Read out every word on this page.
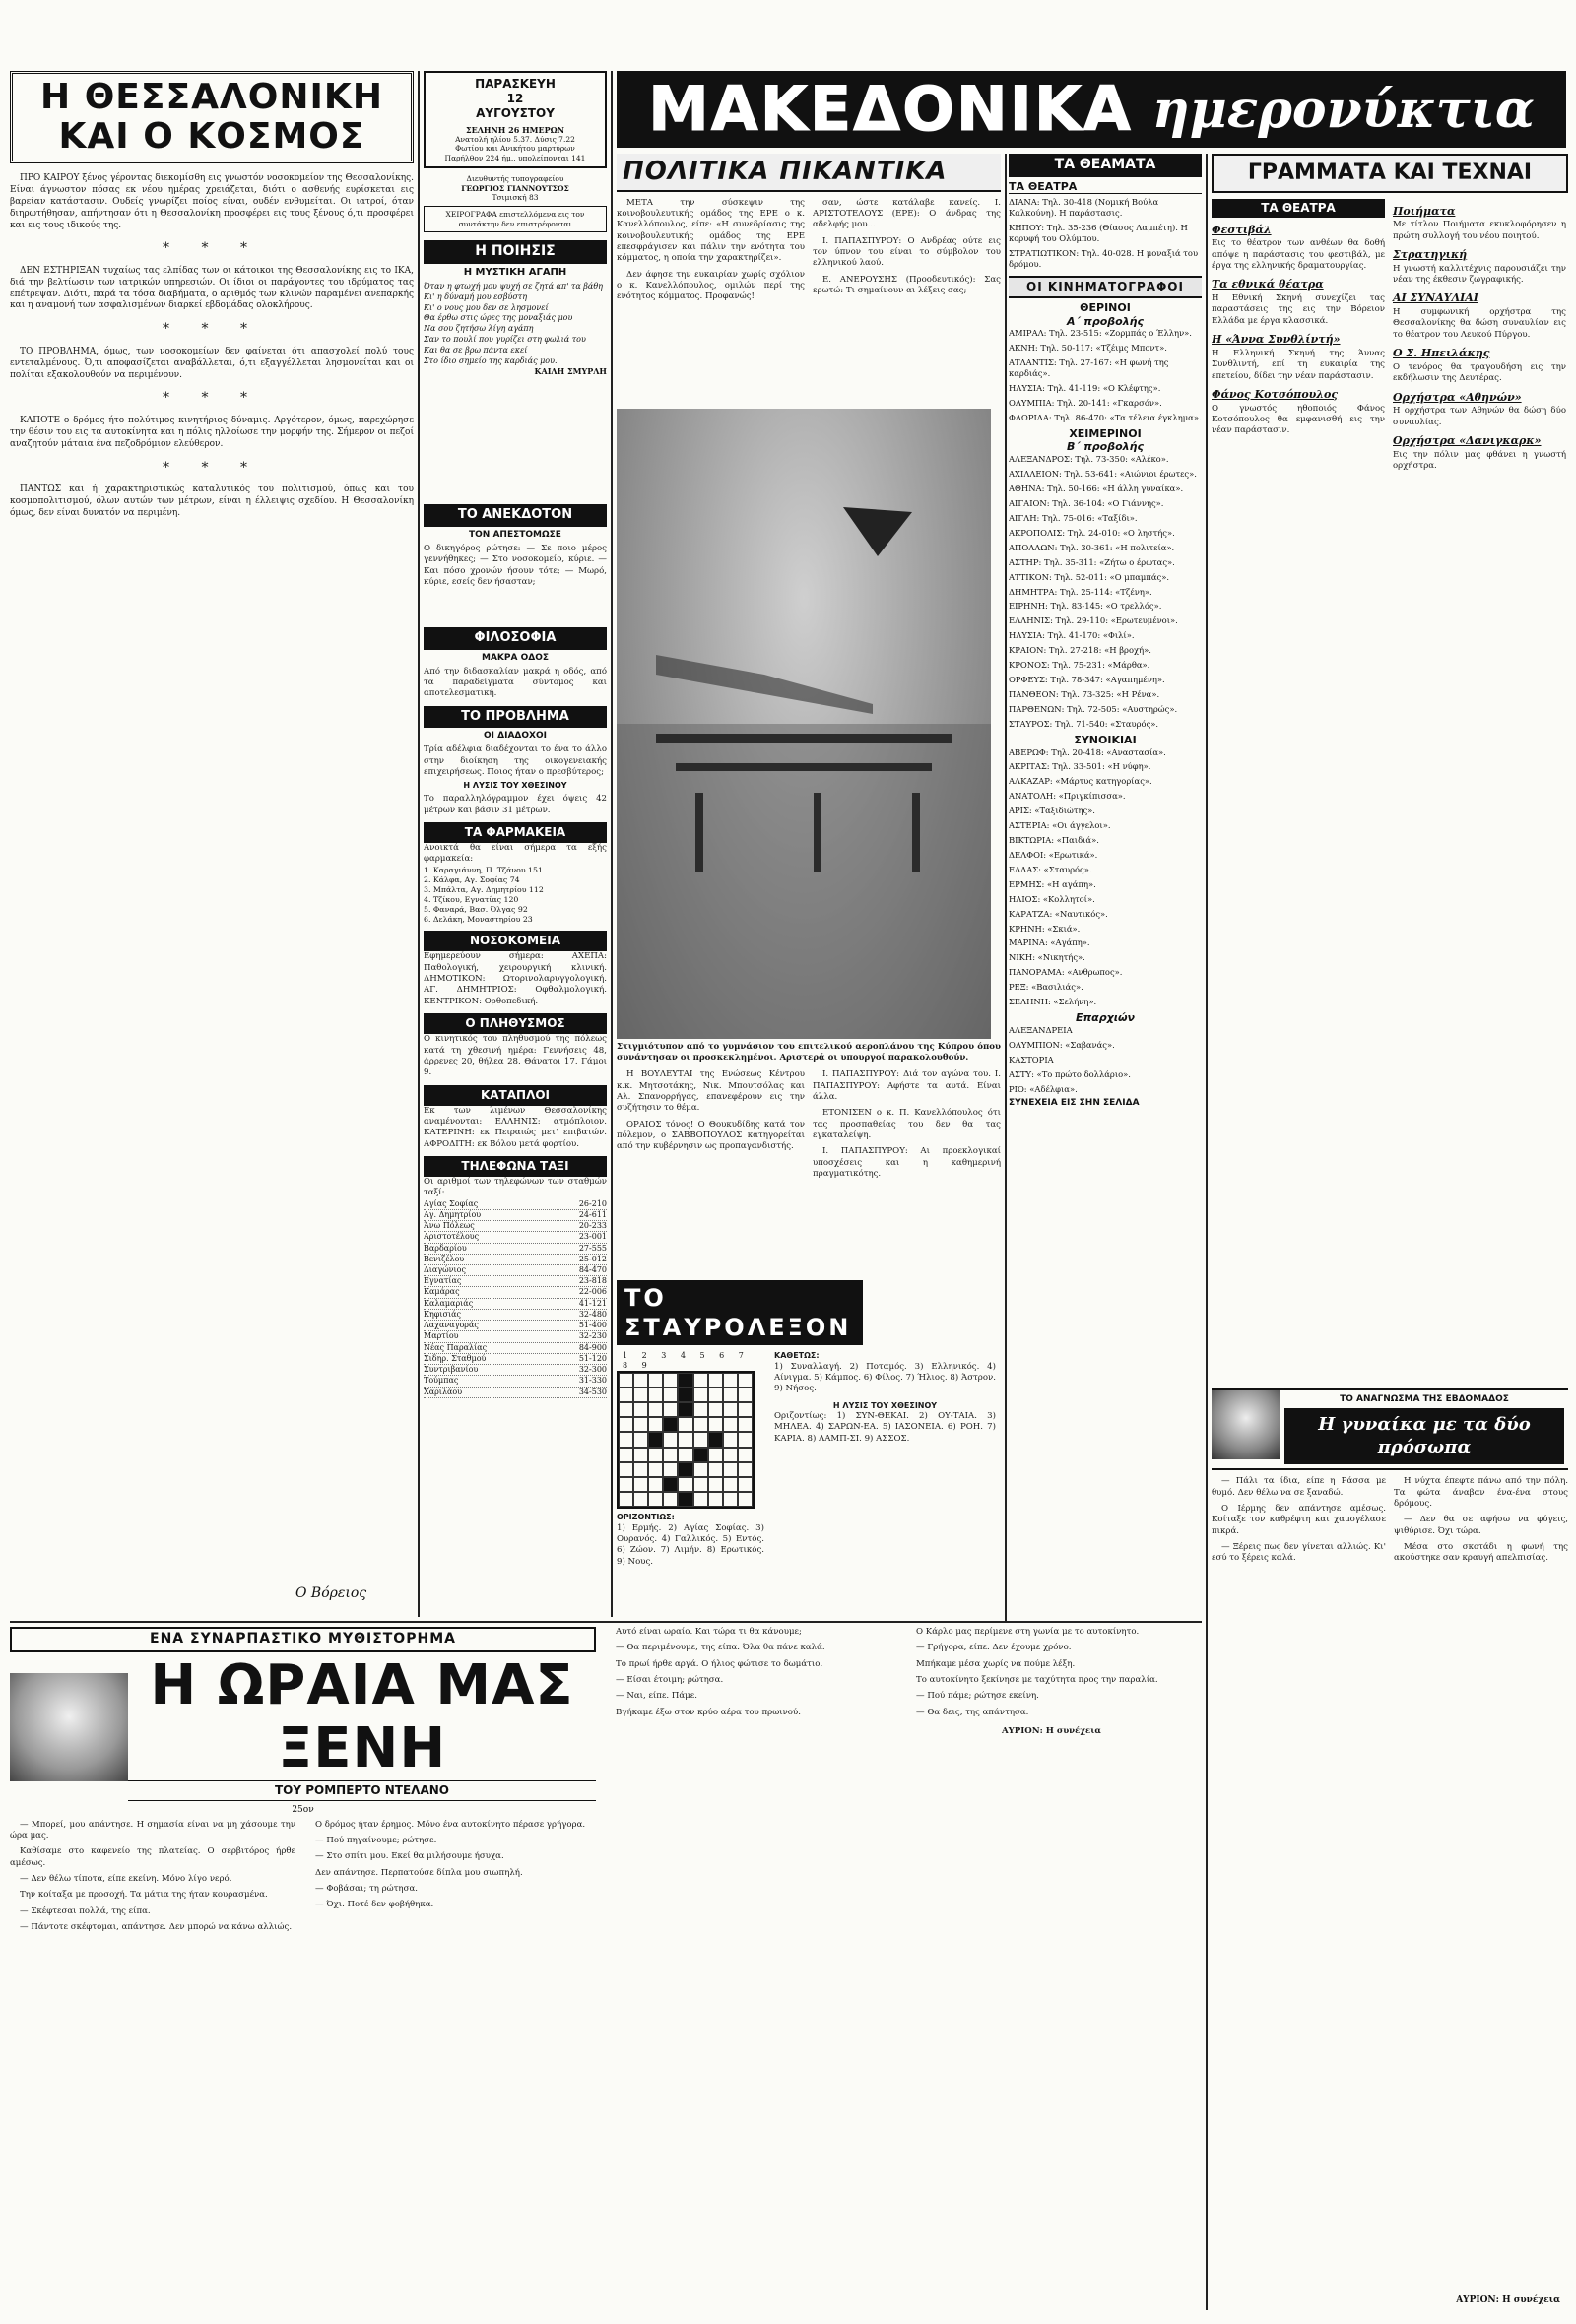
Η ΘΕΣΣΑΛΟΝΙΚΗ
ΚΑΙ Ο ΚΟΣΜΟΣ

ΠΡΟ ΚΑΙΡΟΥ ξένος γέροντας διεκομίσθη εις γνωστόν νοσοκομείον της Θεσσαλονίκης. Είναι άγνωστον πόσας εκ νέου ημέρας χρειάζεται, διότι ο ασθενής ευρίσκεται εις βαρείαν κατάστασιν. Ουδείς γνωρίζει ποίος είναι, ουδέν ενθυμείται. Οι ιατροί, όταν διηρωτήθησαν, απήντησαν ότι η Θεσσαλονίκη προσφέρει εις τους ξένους ό,τι προσφέρει και εις τους ιδικούς της.

* * *

ΔΕΝ ΕΣΤΗΡΙΞΑΝ τυχαίως τας ελπίδας των οι κάτοικοι της Θεσσαλονίκης εις το ΙΚΑ, διά την βελτίωσιν των ιατρικών υπηρεσιών. Οι ίδιοι οι παράγοντες του ιδρύματος τας επέτρεψαν. Διότι, παρά τα τόσα διαβήματα, ο αριθμός των κλινών παραμένει ανεπαρκής και η αναμονή των ασφαλισμένων διαρκεί εβδομάδας ολοκλήρους.

* * *

ΤΟ ΠΡΟΒΛΗΜΑ, όμως, των νοσοκομείων δεν φαίνεται ότι απασχολεί πολύ τους εντεταλμένους. Ό,τι αποφασίζεται αναβάλλεται, ό,τι εξαγγέλλεται λησμονείται και οι πολίται εξακολουθούν να περιμένουν.

* * *

ΚΑΠΟΤΕ ο δρόμος ήτο πολύτιμος κινητήριος δύναμις. Αργότερον, όμως, παρεχώρησε την θέσιν του εις τα αυτοκίνητα και η πόλις ηλλοίωσε την μορφήν της. Σήμερον οι πεζοί αναζητούν μάταια ένα πεζοδρόμιον ελεύθερον.

* * *

ΠΑΝΤΩΣ και ή χαρακτηριστικώς καταλυτικός του πολιτισμού, όπως και του κοσμοπολιτισμού, όλων αυτών των μέτρων, είναι η έλλειψις σχεδίου. Η Θεσσαλονίκη όμως, δεν είναι δυνατόν να περιμένη.

Ο Βόρειος
ΠΑΡΑΣΚΕΥΗ
12
ΑΥΓΟΥΣΤΟΥ
ΣΕΛΗΝΗ 26 ΗΜΕΡΩΝ
Ανατολή ηλίου 5.37. Δύσις 7.22
Φωτίου και Ανικήτου μαρτύρων
Παρήλθον 224 ήμ., υπολείπονται 141
Διευθυντής τυπογραφείου
ΓΕΩΡΓΙΟΣ ΓΙΑΝΝΟΥΤΣΟΣ
Τσιμισκή 83
ΧΕΙΡΟΓΡΑΦΑ επιστελλόμενα εις τον συντάκτην δεν επιστρέφονται
Η ΠΟΙΗΣΙΣ
Η ΜΥΣΤΙΚΗ ΑΓΑΠΗ
Όταν η φτωχή μου ψυχή σε ζητά απ' τα βάθη
Κι' η δύναμή μου εσβύστη
Κι' ο νους μου δεν σε λησμονεί
Θα έρθω στις ώρες της μοναξιάς μου
Να σου ζητήσω λίγη αγάπη
Σαν το πουλί που γυρίζει στη φωλιά του
Και θα σε βρω πάντα εκεί
Στο ίδιο σημείο της καρδιάς μου.
ΚΑΙΛΗ ΣΜΥΡΛΗ
ΤΟ ΑΝΕΚΔΟΤΟΝ
ΤΟΝ ΑΠΕΣΤΟΜΩΣΕ
Ο δικηγόρος ρώτησε: — Σε ποιο μέρος γεννήθηκες; — Στο νοσοκομείο, κύριε. — Και πόσο χρονών ήσουν τότε; — Μωρό, κύριε, εσείς δεν ήσασταν;
ΦΙΛΟΣΟΦΙΑ
ΜΑΚΡΑ ΟΔΟΣ
Από την διδασκαλίαν μακρά η οδός, από τα παραδείγματα σύντομος και αποτελεσματική.
ΤΟ ΠΡΟΒΛΗΜΑ
ΟΙ ΔΙΑΔΟΧΟΙ
Τρία αδέλφια διαδέχονται το ένα το άλλο στην διοίκηση της οικογενειακής επιχειρήσεως. Ποιος ήταν ο πρεσβύτερος;
Η ΛΥΣΙΣ ΤΟΥ ΧΘΕΣΙΝΟΥ
Το παραλληλόγραμμον έχει όψεις 42 μέτρων και βάσιν 31 μέτρων.
ΤΑ ΦΑΡΜΑΚΕΙΑ
Ανοικτά θα είναι σήμερα τα εξής φαρμακεία:
1. Καραγιάννη, Π. Τζάνου 151
2. Κάλφα, Αγ. Σοφίας 74
3. Μπάλτα, Αγ. Δημητρίου 112
4. Τζίκου, Εγνατίας 120
5. Φαναρά, Βασ. Όλγας 92
6. Δελάκη, Μοναστηρίου 23
ΝΟΣΟΚΟΜΕΙΑ
Εφημερεύουν σήμερα: ΑΧΕΠΑ: Παθολογική, χειρουργική κλινική. ΔΗΜΟΤΙΚΟΝ: Ωτορινολαρυγγολογική. ΑΓ. ΔΗΜΗΤΡΙΟΣ: Οφθαλμολογική. ΚΕΝΤΡΙΚΟΝ: Ορθοπεδική.
Ο ΠΛΗΘΥΣΜΟΣ
Ο κινητικός του πληθυσμού της πόλεως κατά τη χθεσινή ημέρα: Γεννήσεις 48, άρρενες 20, θήλεα 28. Θάνατοι 17. Γάμοι 9.
ΚΑΤΑΠΛΟΙ
Εκ των λιμένων Θεσσαλονίκης αναμένονται: ΕΛΛΗΝΙΣ: ατμόπλοιον. ΚΑΤΕΡΙΝΗ: εκ Πειραιώς μετ' επιβατών. ΑΦΡΟΔΙΤΗ: εκ Βόλου μετά φορτίου.
ΤΗΛΕΦΩΝΑ ΤΑΞΙ
Οι αριθμοί των τηλεφώνων των σταθμών ταξί:
Αγίας Σοφίας	26-210
Αγ. Δημητρίου	24-611
Άνω Πόλεως	20-233
Αριστοτέλους	23-001
Βαρδαρίου	27-555
Βενιζέλου	25-012
Διαγώνιος	84-470
Εγνατίας	23-818
Καμάρας	22-006
Καλαμαριάς	41-121
Κηφισιάς	32-480
Λαχαναγοράς	51-400
Μαρτίου	32-230
Νέας Παραλίας	84-900
Σιδηρ. Σταθμού	51-120
Συντριβανίου	32-300
Τούμπας	31-330
Χαριλάου	34-530
ΜΑΚΕΔΟΝΙΚΑ ημερονύκτια
ΠΟΛΙΤΙΚΑ ΠΙΚΑΝΤΙΚΑ

ΜΕΤΑ την σύσκεψιν της κοινοβουλευτικής ομάδος της ΕΡΕ ο κ. Κανελλόπουλος, είπε: «Η συνεδρίασις της κοινοβουλευτικής ομάδος της ΕΡΕ επεσφράγισεν και πάλιν την ενότητα του κόμματος, η οποία την χαρακτηρίζει».

Δεν άφησε την ευκαιρίαν χωρίς σχόλιον ο κ. Κανελλόπουλος, ομιλών περί της ενότητος κόμματος. Προφανώς!

σαν, ώστε κατάλαβε κανείς. Ι. ΑΡΙΣΤΟΤΕΛΟΥΣ (ΕΡΕ): Ο άνδρας της αδελφής μου...

Ι. ΠΑΠΑΣΠΥΡΟΥ: Ο Ανδρέας ούτε εις τον ύπνον του είναι το σύμβολον του ελληνικού λαού.

Ε. ΑΝΕΡΟΥΣΗΣ (Προοδευτικός): Σας ερωτώ: Τι σημαίνουν αι λέξεις σας;

Στιγμιότυπον από το γυμνάσιον του επιτελικού αεροπλάνου της Κύπρου όπου συνάντησαν οι προσκεκλημένοι. Αριστερά οι υπουργοί παρακολουθούν.

Η ΒΟΥΛΕΥΤΑΙ της Ενώσεως Κέντρου κ.κ. Μητσοτάκης, Νικ. Μπουτσόλας και Αλ. Σπανορρήγας, επανεφέρουν εις την συζήτησιν το θέμα.

ΟΡΑΙΟΣ τόνος! Ο Θουκυδίδης κατά τον πόλεμον, ο ΣΑΒΒΟΠΟΥΛΟΣ κατηγορείται από την κυβέρνησιν ως προπαγανδιστής.

Ι. ΠΑΠΑΣΠΥΡΟΥ: Διά τον αγώνα του. Ι. ΠΑΠΑΣΠΥΡΟΥ: Αφήστε τα αυτά. Είναι άλλα.

ΕΤΟΝΙΣΕΝ ο κ. Π. Κανελλόπουλος ότι τας προσπαθείας του δεν θα τας εγκαταλείψη.

Ι. ΠΑΠΑΣΠΥΡΟΥ: Αι προεκλογικαί υποσχέσεις και η καθημερινή πραγματικότης.

ΤΟ ΣΤΑΥΡΟΛΕΞΟΝ
1 2 3 4 5 6 7 8 9
ΟΡΙΖΟΝΤΙΩΣ:
1) Ερμής. 2) Αγίας Σοφίας. 3) Ουρανός. 4) Γαλλικός. 5) Εντός. 6) Ζώον. 7) Λιμήν. 8) Ερωτικός. 9) Νους.
ΚΑΘΕΤΩΣ:
1) Συναλλαγή. 2) Ποταμός. 3) Ελληνικός. 4) Αίνιγμα. 5) Κάμπος. 6) Φίλος. 7) Ήλιος. 8) Άστρον. 9) Νήσος.
Η ΛΥΣΙΣ ΤΟΥ ΧΘΕΣΙΝΟΥ
Οριζοντίως: 1) ΣΥΝ-ΘΕΚΑΙ. 2) ΟΥ-ΤΑΙΑ. 3) ΜΗΛΕΑ. 4) ΣΑΡΩΝ-ΕΑ. 5) ΙΑΣΟΝΕΙΑ. 6) ΡΟΗ. 7) ΚΑΡΙΑ. 8) ΛΑΜΠ-ΣΙ. 9) ΑΣΣΟΣ.
ΤΑ ΘΕΑΜΑΤΑ
ΤΑ ΘΕΑΤΡΑ
ΔΙΑΝΑ: Τηλ. 30-418 (Νομική Βούλα Καλκούνη). Η παράστασις.
ΚΗΠΟΥ: Τηλ. 35-236 (Θίασος Λαμπέτη). Η κορυφή του Ολύμπου.
ΣΤΡΑΤΙΩΤΙΚΟΝ: Τηλ. 40-028. Η μοναξιά του δρόμου.
ΟΙ ΚΙΝΗΜΑΤΟΓΡΑΦΟΙ
ΘΕΡΙΝΟΙ
Α΄ προβολής
ΑΜΙΡΑΛ: Τηλ. 23-515: «Ζορμπάς ο Έλλην».
ΑΚΝΗ: Τηλ. 50-117: «Τζέιμς Μποντ».
ΑΤΛΑΝΤΙΣ: Τηλ. 27-167: «Η φωνή της καρδιάς».
ΗΛΥΣΙΑ: Τηλ. 41-119: «Ο Κλέφτης».
ΟΛΥΜΠΙΑ: Τηλ. 20-141: «Γκαρσόν».
ΦΛΩΡΙΔΑ: Τηλ. 86-470: «Τα τέλεια έγκλημα».
ΧΕΙΜΕΡΙΝΟΙ
Β΄ προβολής
ΑΛΕΞΑΝΔΡΟΣ: Τηλ. 73-350: «Αλέκο».
ΑΧΙΛΛΕΙΟΝ: Τηλ. 53-641: «Αιώνιοι έρωτες».
ΑΘΗΝΑ: Τηλ. 50-166: «Η άλλη γυναίκα».
ΑΙΓΑΙΟΝ: Τηλ. 36-104: «Ο Γιάννης».
ΑΙΓΛΗ: Τηλ. 75-016: «Ταξίδι».
ΑΚΡΟΠΟΛΙΣ: Τηλ. 24-010: «Ο ληστής».
ΑΠΟΛΛΩΝ: Τηλ. 30-361: «Η πολιτεία».
ΑΣΤΗΡ: Τηλ. 35-311: «Ζήτω ο έρωτας».
ΑΤΤΙΚΟΝ: Τηλ. 52-011: «Ο μπαμπάς».
ΔΗΜΗΤΡΑ: Τηλ. 25-114: «Τζένη».
ΕΙΡΗΝΗ: Τηλ. 83-145: «Ο τρελλός».
ΕΛΛΗΝΙΣ: Τηλ. 29-110: «Ερωτευμένοι».
ΗΛΥΣΙΑ: Τηλ. 41-170: «Φιλί».
ΚΡΑΙΟΝ: Τηλ. 27-218: «Η βροχή».
ΚΡΟΝΟΣ: Τηλ. 75-231: «Μάρθα».
ΟΡΦΕΥΣ: Τηλ. 78-347: «Αγαπημένη».
ΠΑΝΘΕΟΝ: Τηλ. 73-325: «Η Ρένα».
ΠΑΡΘΕΝΩΝ: Τηλ. 72-505: «Αυστηρώς».
ΣΤΑΥΡΟΣ: Τηλ. 71-540: «Σταυρός».
ΣΥΝΟΙΚΙΑΙ
ΑΒΕΡΩΦ: Τηλ. 20-418: «Αναστασία».
ΑΚΡΙΤΑΣ: Τηλ. 33-501: «Η νύφη».
ΑΛΚΑΖΑΡ: «Μάρτυς κατηγορίας».
ΑΝΑΤΟΛΗ: «Πριγκίπισσα».
ΑΡΙΣ: «Ταξιδιώτης».
ΑΣΤΕΡΙΑ: «Οι άγγελοι».
ΒΙΚΤΩΡΙΑ: «Παιδιά».
ΔΕΛΦΟΙ: «Ερωτικά».
ΕΛΛΑΣ: «Σταυρός».
ΕΡΜΗΣ: «Η αγάπη».
ΗΛΙΟΣ: «Κολλητοί».
ΚΑΡΑΤΖΑ: «Ναυτικός».
ΚΡΗΝΗ: «Σκιά».
ΜΑΡΙΝΑ: «Αγάπη».
ΝΙΚΗ: «Νικητής».
ΠΑΝΟΡΑΜΑ: «Ανθρωπος».
ΡΕΞ: «Βασιλιάς».
ΣΕΛΗΝΗ: «Σελήνη».
Επαρχιών
ΑΛΕΞΑΝΔΡΕΙΑ
ΟΛΥΜΠΙΟΝ: «Σαβανάς».
ΚΑΣΤΟΡΙΑ
ΑΣΤΥ: «Το πρώτο δολλάριο».
ΡΙΟ: «Αδέλφια».
ΣΥΝΕΧΕΙΑ ΕΙΣ ΣΗΝ ΣΕΛΙΔΑ
ΓΡΑΜΜΑΤΑ ΚΑΙ ΤΕΧΝΑΙ
ΤΑ ΘΕΑΤΡΑ
Φεστιβάλ
Εις το θέατρον των ανθέων θα δοθή απόψε η παράστασις του φεστιβάλ, με έργα της ελληνικής δραματουργίας.
Τα εθνικά θέατρα
Η Εθνική Σκηνή συνεχίζει τας παραστάσεις της εις την Βόρειον Ελλάδα με έργα κλασσικά.
Η «Άννα Συνθλίντή»
Η Ελληνική Σκηνή της Άννας Συνθλιντή, επί τη ευκαιρία της επετείου, δίδει την νέαν παράστασιν.
Φάνος Κοτσόπουλος
Ο γνωστός ηθοποιός Φάνος Κοτσόπουλος θα εμφανισθή εις την νέαν παράστασιν.
Ποιήματα
Με τίτλον Ποιήματα εκυκλοφόρησεν η πρώτη συλλογή του νέου ποιητού.
Στρατηγική
Η γνωστή καλλιτέχνις παρουσιάζει την νέαν της έκθεσιν ζωγραφικής.
ΑΙ ΣΥΝΑΥΛΙΑΙ
Η συμφωνική ορχήστρα της Θεσσαλονίκης θα δώση συναυλίαν εις το θέατρον του Λευκού Πύργου.
Ο Σ. Ηπειλάκης
Ο τενόρος θα τραγουδήση εις την εκδήλωσιν της Δευτέρας.
Ορχήστρα «Αθηνών»
Η ορχήστρα των Αθηνών θα δώση δύο συναυλίας.
Ορχήστρα «Δανιγκαρκ»
Εις την πόλιν μας φθάνει η γνωστή ορχήστρα.
ΤΟ ΑΝΑΓΝΩΣΜΑ ΤΗΣ ΕΒΔΟΜΑΔΟΣ
Η γυναίκα με τα δύο πρόσωπα

— Πάλι τα ίδια, είπε η Ράσσα με θυμό. Δεν θέλω να σε ξαναδώ.

Ο Ιέρμης δεν απάντησε αμέσως. Κοίταξε τον καθρέφτη και χαμογέλασε πικρά.

— Ξέρεις πως δεν γίνεται αλλιώς. Κι' εσύ το ξέρεις καλά.

Η νύχτα έπεφτε πάνω από την πόλη. Τα φώτα άναβαν ένα-ένα στους δρόμους.

— Δεν θα σε αφήσω να φύγεις, ψιθύρισε. Όχι τώρα.

Μέσα στο σκοτάδι η φωνή της ακούστηκε σαν κραυγή απελπισίας.

ΑΥΡΙΟΝ: Η συνέχεια
ΕΝΑ ΣΥΝΑΡΠΑΣΤΙΚΟ ΜΥΘΙΣΤΟΡΗΜΑ
Η ΩΡΑΙΑ ΜΑΣ ΞΕΝΗ
ΤΟΥ ΡΟΜΠΕΡΤΟ ΝΤΕΛΑΝΟ
25ον

— Μπορεί, μου απάντησε. Η σημασία είναι να μη χάσουμε την ώρα μας.

Καθίσαμε στο καφενείο της πλατείας. Ο σερβιτόρος ήρθε αμέσως.

— Δεν θέλω τίποτα, είπε εκείνη. Μόνο λίγο νερό.

Την κοίταξα με προσοχή. Τα μάτια της ήταν κουρασμένα.

— Σκέφτεσαι πολλά, της είπα.

— Πάντοτε σκέφτομαι, απάντησε. Δεν μπορώ να κάνω αλλιώς.

Ο δρόμος ήταν έρημος. Μόνο ένα αυτοκίνητο πέρασε γρήγορα.

— Πού πηγαίνουμε; ρώτησε.

— Στο σπίτι μου. Εκεί θα μιλήσουμε ήσυχα.

Δεν απάντησε. Περπατούσε δίπλα μου σιωπηλή.

— Φοβάσαι; τη ρώτησα.

— Όχι. Ποτέ δεν φοβήθηκα.

Αυτό είναι ωραίο. Και τώρα τι θα κάνουμε;

— Θα περιμένουμε, της είπα. Όλα θα πάνε καλά.

Το πρωί ήρθε αργά. Ο ήλιος φώτισε το δωμάτιο.

— Είσαι έτοιμη; ρώτησα.

— Ναι, είπε. Πάμε.

Βγήκαμε έξω στον κρύο αέρα του πρωινού.

Ο Κάρλο μας περίμενε στη γωνία με το αυτοκίνητο.

— Γρήγορα, είπε. Δεν έχουμε χρόνο.

Μπήκαμε μέσα χωρίς να πούμε λέξη.

Το αυτοκίνητο ξεκίνησε με ταχύτητα προς την παραλία.

— Πού πάμε; ρώτησε εκείνη.

— Θα δεις, της απάντησα.

ΑΥΡΙΟΝ: Η συνέχεια
